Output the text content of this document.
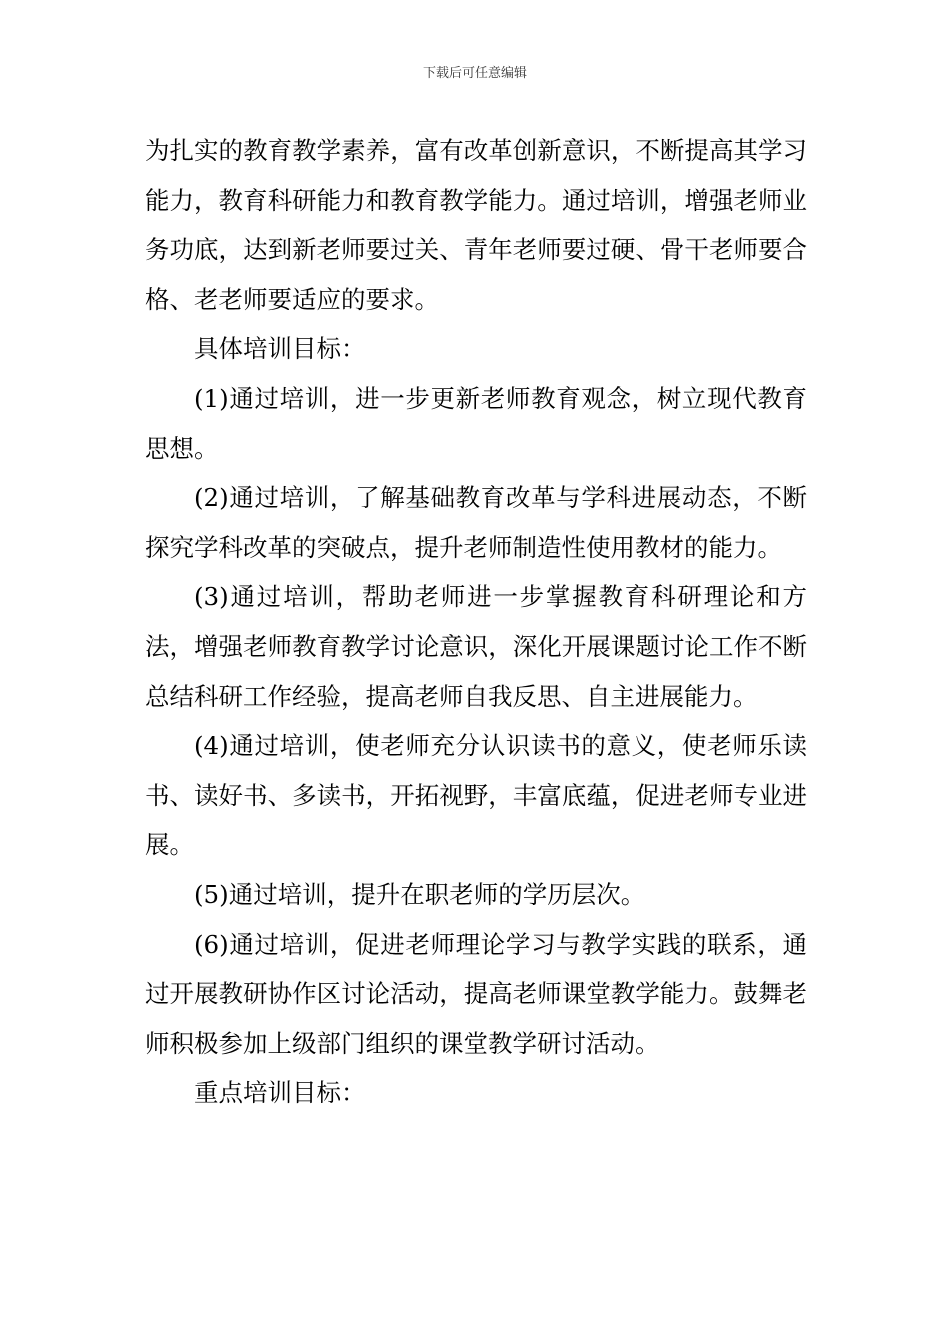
下载后可任意编辑

为扎实的教育教学素养，富有改革创新意识，不断提高其学习能力，教育科研能力和教育教学能力。通过培训，增强老师业务功底，达到新老师要过关、青年老师要过硬、骨干老师要合格、老老师要适应的要求。

具体培训目标：

(1)通过培训，进一步更新老师教育观念，树立现代教育思想。

(2)通过培训，了解基础教育改革与学科进展动态，不断探究学科改革的突破点，提升老师制造性使用教材的能力。

(3)通过培训，帮助老师进一步掌握教育科研理论和方法，增强老师教育教学讨论意识，深化开展课题讨论工作不断总结科研工作经验，提高老师自我反思、自主进展能力。

(4)通过培训，使老师充分认识读书的意义，使老师乐读书、读好书、多读书，开拓视野，丰富底蕴，促进老师专业进展。

(5)通过培训，提升在职老师的学历层次。

(6)通过培训，促进老师理论学习与教学实践的联系，通过开展教研协作区讨论活动，提高老师课堂教学能力。鼓舞老师积极参加上级部门组织的课堂教学研讨活动。

重点培训目标：
